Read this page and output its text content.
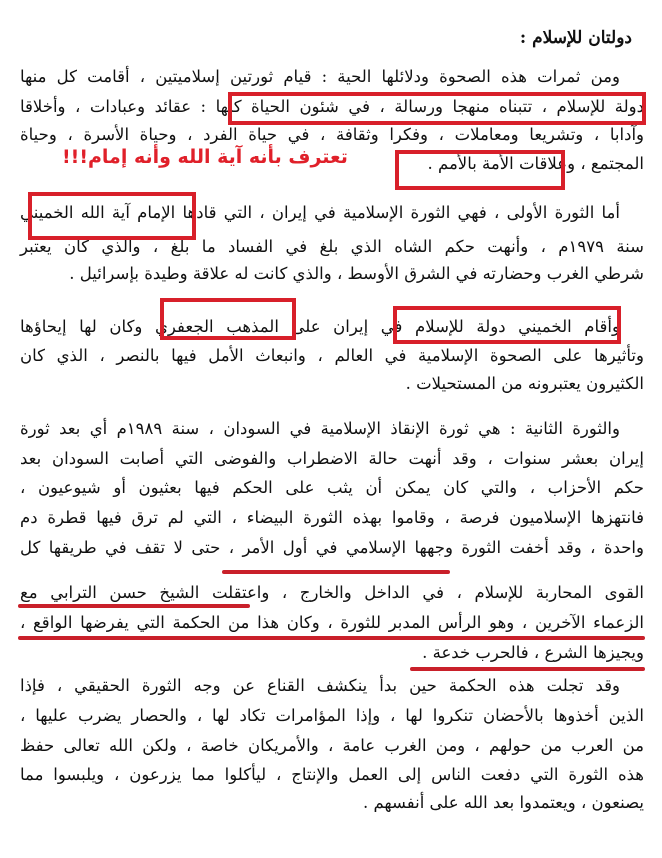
دولتان للإسلام :
ومن ثمرات هذه الصحوة ودلائلها الحية : قيام ثورتين إسلاميتين ، أقامت كل منها
دولة للإسلام ، تتبناه منهجا ورسالة ، في شئون الحياة كلها : عقائد وعبادات ، وأخلاقا
وآدابا ، وتشريعا ومعاملات ، وفكرا وثقافة ، في حياة الفرد ، وحياة الأسرة ، وحياة
المجتمع ، وعلاقات الأمة بالأمم .
تعترف بأنه آية الله وأنه إمام!!!
أما الثورة الأولى ، فهي الثورة الإسلامية في إيران ، التي قادها الإمام آية الله الخميني
سنة ١٩٧٩م ، وأنهت حكم الشاه الذي بلغ في الفساد ما بلغ ، والذي كان يعتبر
شرطي الغرب وحضارته في الشرق الأوسط ، والذي كانت له علاقة وطيدة بإسرائيل .
وأقام الخميني دولة للإسلام في إيران على المذهب الجعفري وكان لها إيحاؤها
وتأثيرها على الصحوة الإسلامية في العالم ، وانبعاث الأمل فيها بالنصر ، الذي كان
الكثيرون يعتبرونه من المستحيلات .
والثورة الثانية : هي ثورة الإنقاذ الإسلامية في السودان ، سنة ١٩٨٩م أي بعد ثورة
إيران بعشر سنوات ، وقد أنهت حالة الاضطراب والفوضى التي أصابت السودان بعد
حكم الأحزاب ، والتي كان يمكن أن يثب على الحكم فيها بعثيون أو شيوعيون ،
فانتهزها الإسلاميون فرصة ، وقاموا بهذه الثورة البيضاء ، التي لم ترق فيها قطرة دم
واحدة ، وقد أخفت الثورة وجهها الإسلامي في أول الأمر ، حتى لا تقف في طريقها كل
القوى المحاربة للإسلام ، في الداخل والخارج ، واعتقلت الشيخ حسن الترابي مع
الزعماء الآخرين ، وهو الرأس المدبر للثورة ، وكان هذا من الحكمة التي يفرضها الواقع ،
ويجيزها الشرع ، فالحرب خدعة .
وقد تجلت هذه الحكمة حين بدأ ينكشف القناع عن وجه الثورة الحقيقي ، فإذا
الذين أخذوها بالأحضان تنكروا لها ، وإذا المؤامرات تكاد لها ، والحصار يضرب عليها ،
من العرب من حولهم ، ومن الغرب عامة ، والأمريكان خاصة ، ولكن الله تعالى حفظ
هذه الثورة التي دفعت الناس إلى العمل والإنتاج ، ليأكلوا مما يزرعون ، ويلبسوا مما
يصنعون ، ويعتمدوا بعد الله على أنفسهم .
